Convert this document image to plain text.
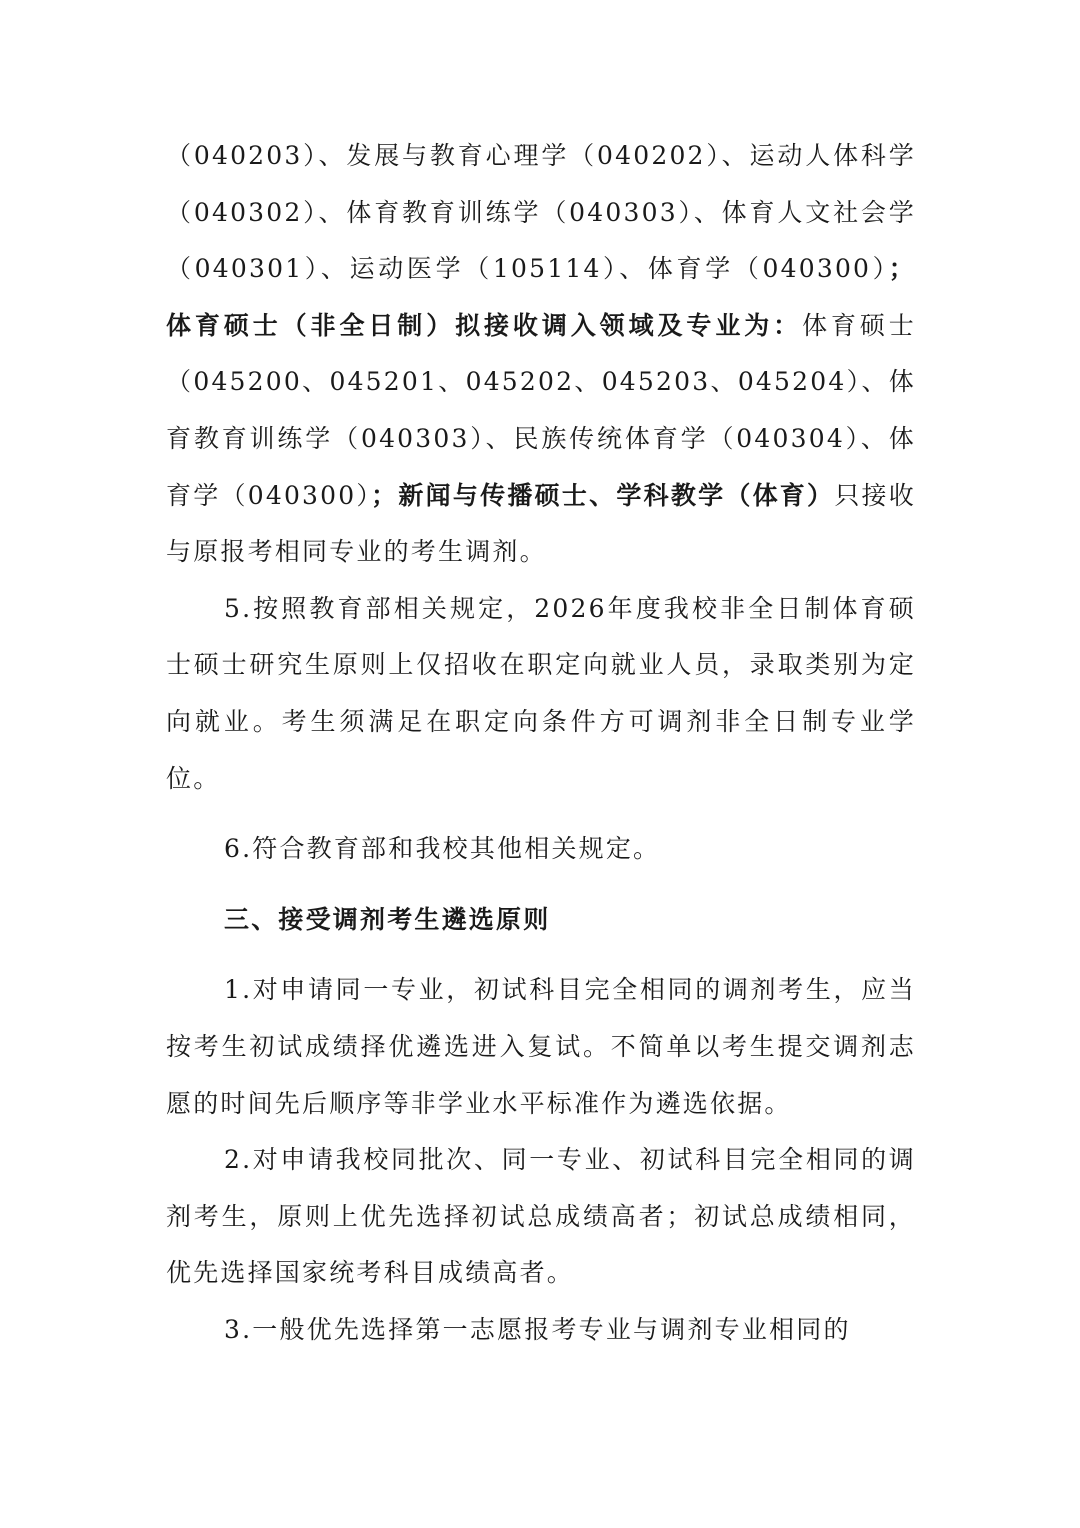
（040203）、发展与教育心理学（040202）、运动人体科学（040302）、体育教育训练学（040303）、体育人文社会学（040301）、运动医学（105114）、体育学（040300）；体育硕士（非全日制）拟接收调入领域及专业为：体育硕士（045200、045201、045202、045203、045204）、体育教育训练学（040303）、民族传统体育学（040304）、体育学（040300）；新闻与传播硕士、学科教学（体育）只接收与原报考相同专业的考生调剂。

5.按照教育部相关规定，2026年度我校非全日制体育硕士硕士研究生原则上仅招收在职定向就业人员，录取类别为定向就业。考生须满足在职定向条件方可调剂非全日制专业学位。

6.符合教育部和我校其他相关规定。

三、接受调剂考生遴选原则

1.对申请同一专业，初试科目完全相同的调剂考生，应当按考生初试成绩择优遴选进入复试。不简单以考生提交调剂志愿的时间先后顺序等非学业水平标准作为遴选依据。

2.对申请我校同批次、同一专业、初试科目完全相同的调剂考生，原则上优先选择初试总成绩高者；初试总成绩相同，优先选择国家统考科目成绩高者。

3.一般优先选择第一志愿报考专业与调剂专业相同的
